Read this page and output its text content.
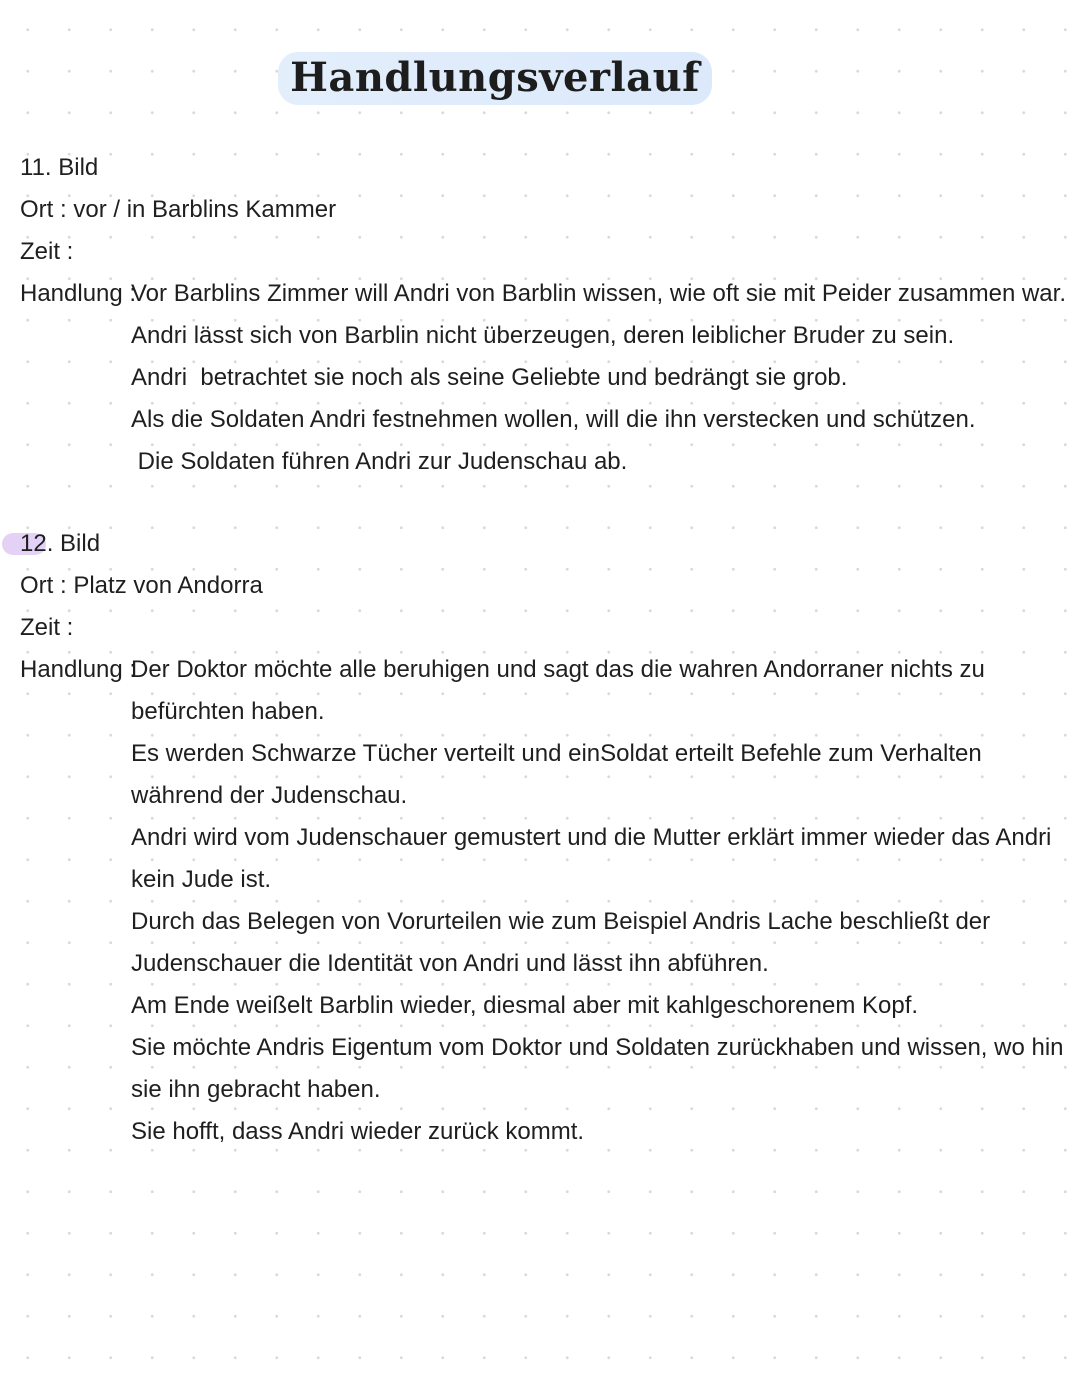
Handlungsverlauf
11. Bild
Ort : vor / in Barblins Kammer
Zeit :
Handlung :
Vor Barblins Zimmer will Andri von Barblin wissen, wie oft sie mit Peider zusammen war.
Andri lässt sich von Barblin nicht überzeugen, deren leiblicher Bruder zu sein.
Andri  betrachtet sie noch als seine Geliebte und bedrängt sie grob.
Als die Soldaten Andri festnehmen wollen, will die ihn verstecken und schützen.
Die Soldaten führen Andri zur Judenschau ab.
12. Bild
Ort : Platz von Andorra
Zeit :
Handlung :
Der Doktor möchte alle beruhigen und sagt das die wahren Andorraner nichts zu
befürchten haben.
Es werden Schwarze Tücher verteilt und einSoldat erteilt Befehle zum Verhalten
während der Judenschau.
Andri wird vom Judenschauer gemustert und die Mutter erklärt immer wieder das Andri
kein Jude ist.
Durch das Belegen von Vorurteilen wie zum Beispiel Andris Lache beschließt der
Judenschauer die Identität von Andri und lässt ihn abführen.
Am Ende weißelt Barblin wieder, diesmal aber mit kahlgeschorenem Kopf.
Sie möchte Andris Eigentum vom Doktor und Soldaten zurückhaben und wissen, wo hin
sie ihn gebracht haben.
Sie hofft, dass Andri wieder zurück kommt.
